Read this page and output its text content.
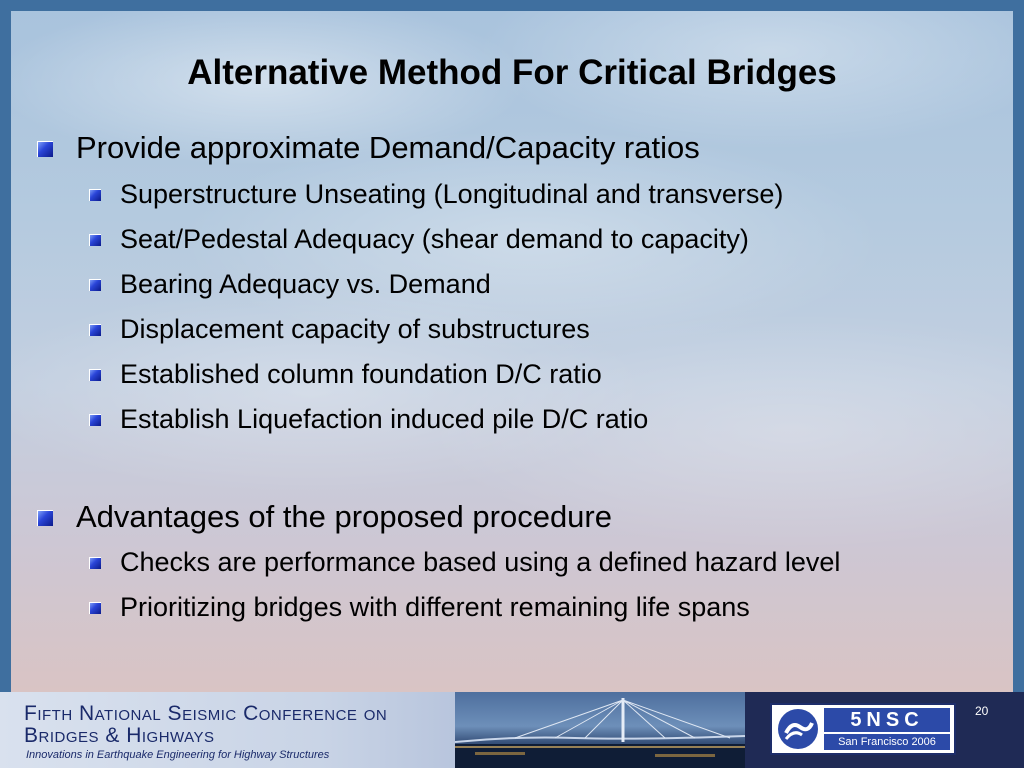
Alternative Method For Critical Bridges
Provide approximate Demand/Capacity ratios
Superstructure Unseating (Longitudinal and transverse)
Seat/Pedestal Adequacy (shear demand to capacity)
Bearing Adequacy vs. Demand
Displacement capacity of substructures
Established column foundation D/C ratio
Establish Liquefaction induced pile D/C ratio
Advantages of the proposed procedure
Checks are performance based using a defined hazard level
Prioritizing bridges with different remaining life spans
Fifth National Seismic Conference on
Bridges & Highways
Innovations in Earthquake Engineering for Highway Structures
5NSC
San Francisco 2006
20
